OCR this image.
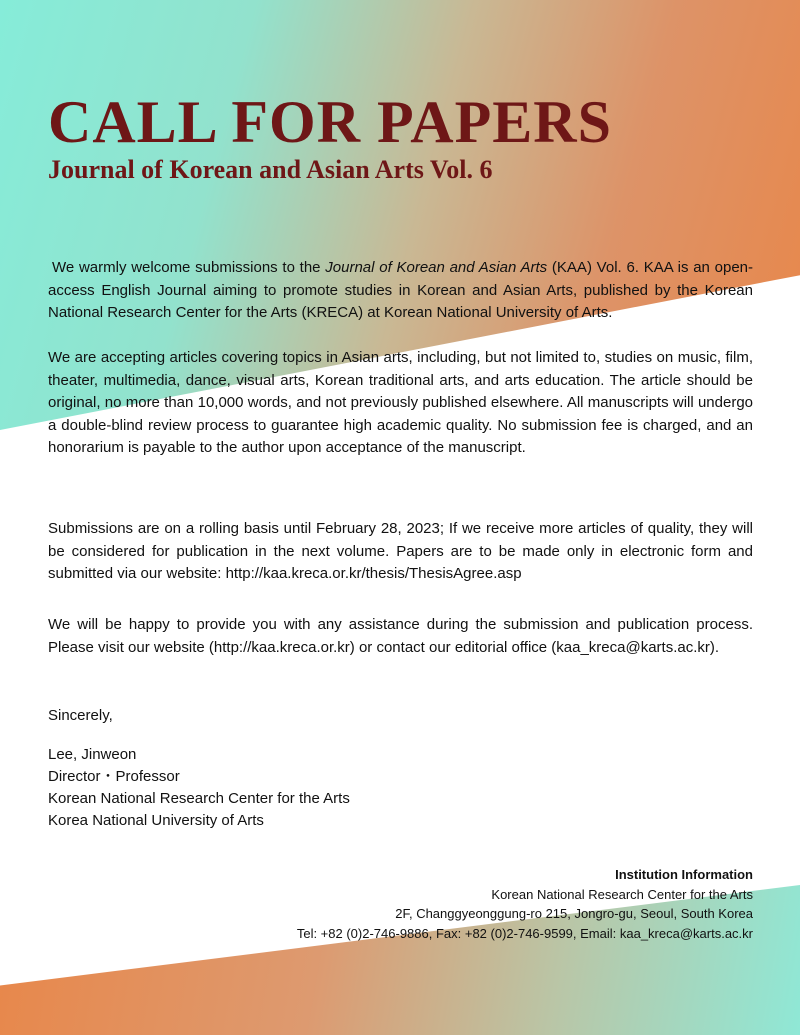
CALL FOR PAPERS
Journal of Korean and Asian Arts Vol. 6

We warmly welcome submissions to the Journal of Korean and Asian Arts (KAA) Vol. 6. KAA is an open-access English Journal aiming to promote studies in Korean and Asian Arts, published by the Korean National Research Center for the Arts (KRECA) at Korean National University of Arts.

We are accepting articles covering topics in Asian arts, including, but not limited to, studies on music, film, theater, multimedia, dance, visual arts, Korean traditional arts, and arts education. The article should be original, no more than 10,000 words, and not previously published elsewhere. All manuscripts will undergo a double-blind review process to guarantee high academic quality. No submission fee is charged, and an honorarium is payable to the author upon acceptance of the manuscript.

Submissions are on a rolling basis until February 28, 2023; If we receive more articles of quality, they will be considered for publication in the next volume. Papers are to be made only in electronic form and submitted via our website: http://kaa.kreca.or.kr/thesis/ThesisAgree.asp

We will be happy to provide you with any assistance during the submission and publication process. Please visit our website (http://kaa.kreca.or.kr) or contact our editorial office (kaa_kreca@karts.ac.kr).

Sincerely,
Lee, Jinweon
Director・Professor
Korean National Research Center for the Arts
Korea National University of Arts
Institution Information
Korean National Research Center for the Arts
2F, Changgyeonggung-ro 215, Jongro-gu, Seoul, South Korea
Tel: +82 (0)2-746-9886, Fax: +82 (0)2-746-9599, Email: kaa_kreca@karts.ac.kr
